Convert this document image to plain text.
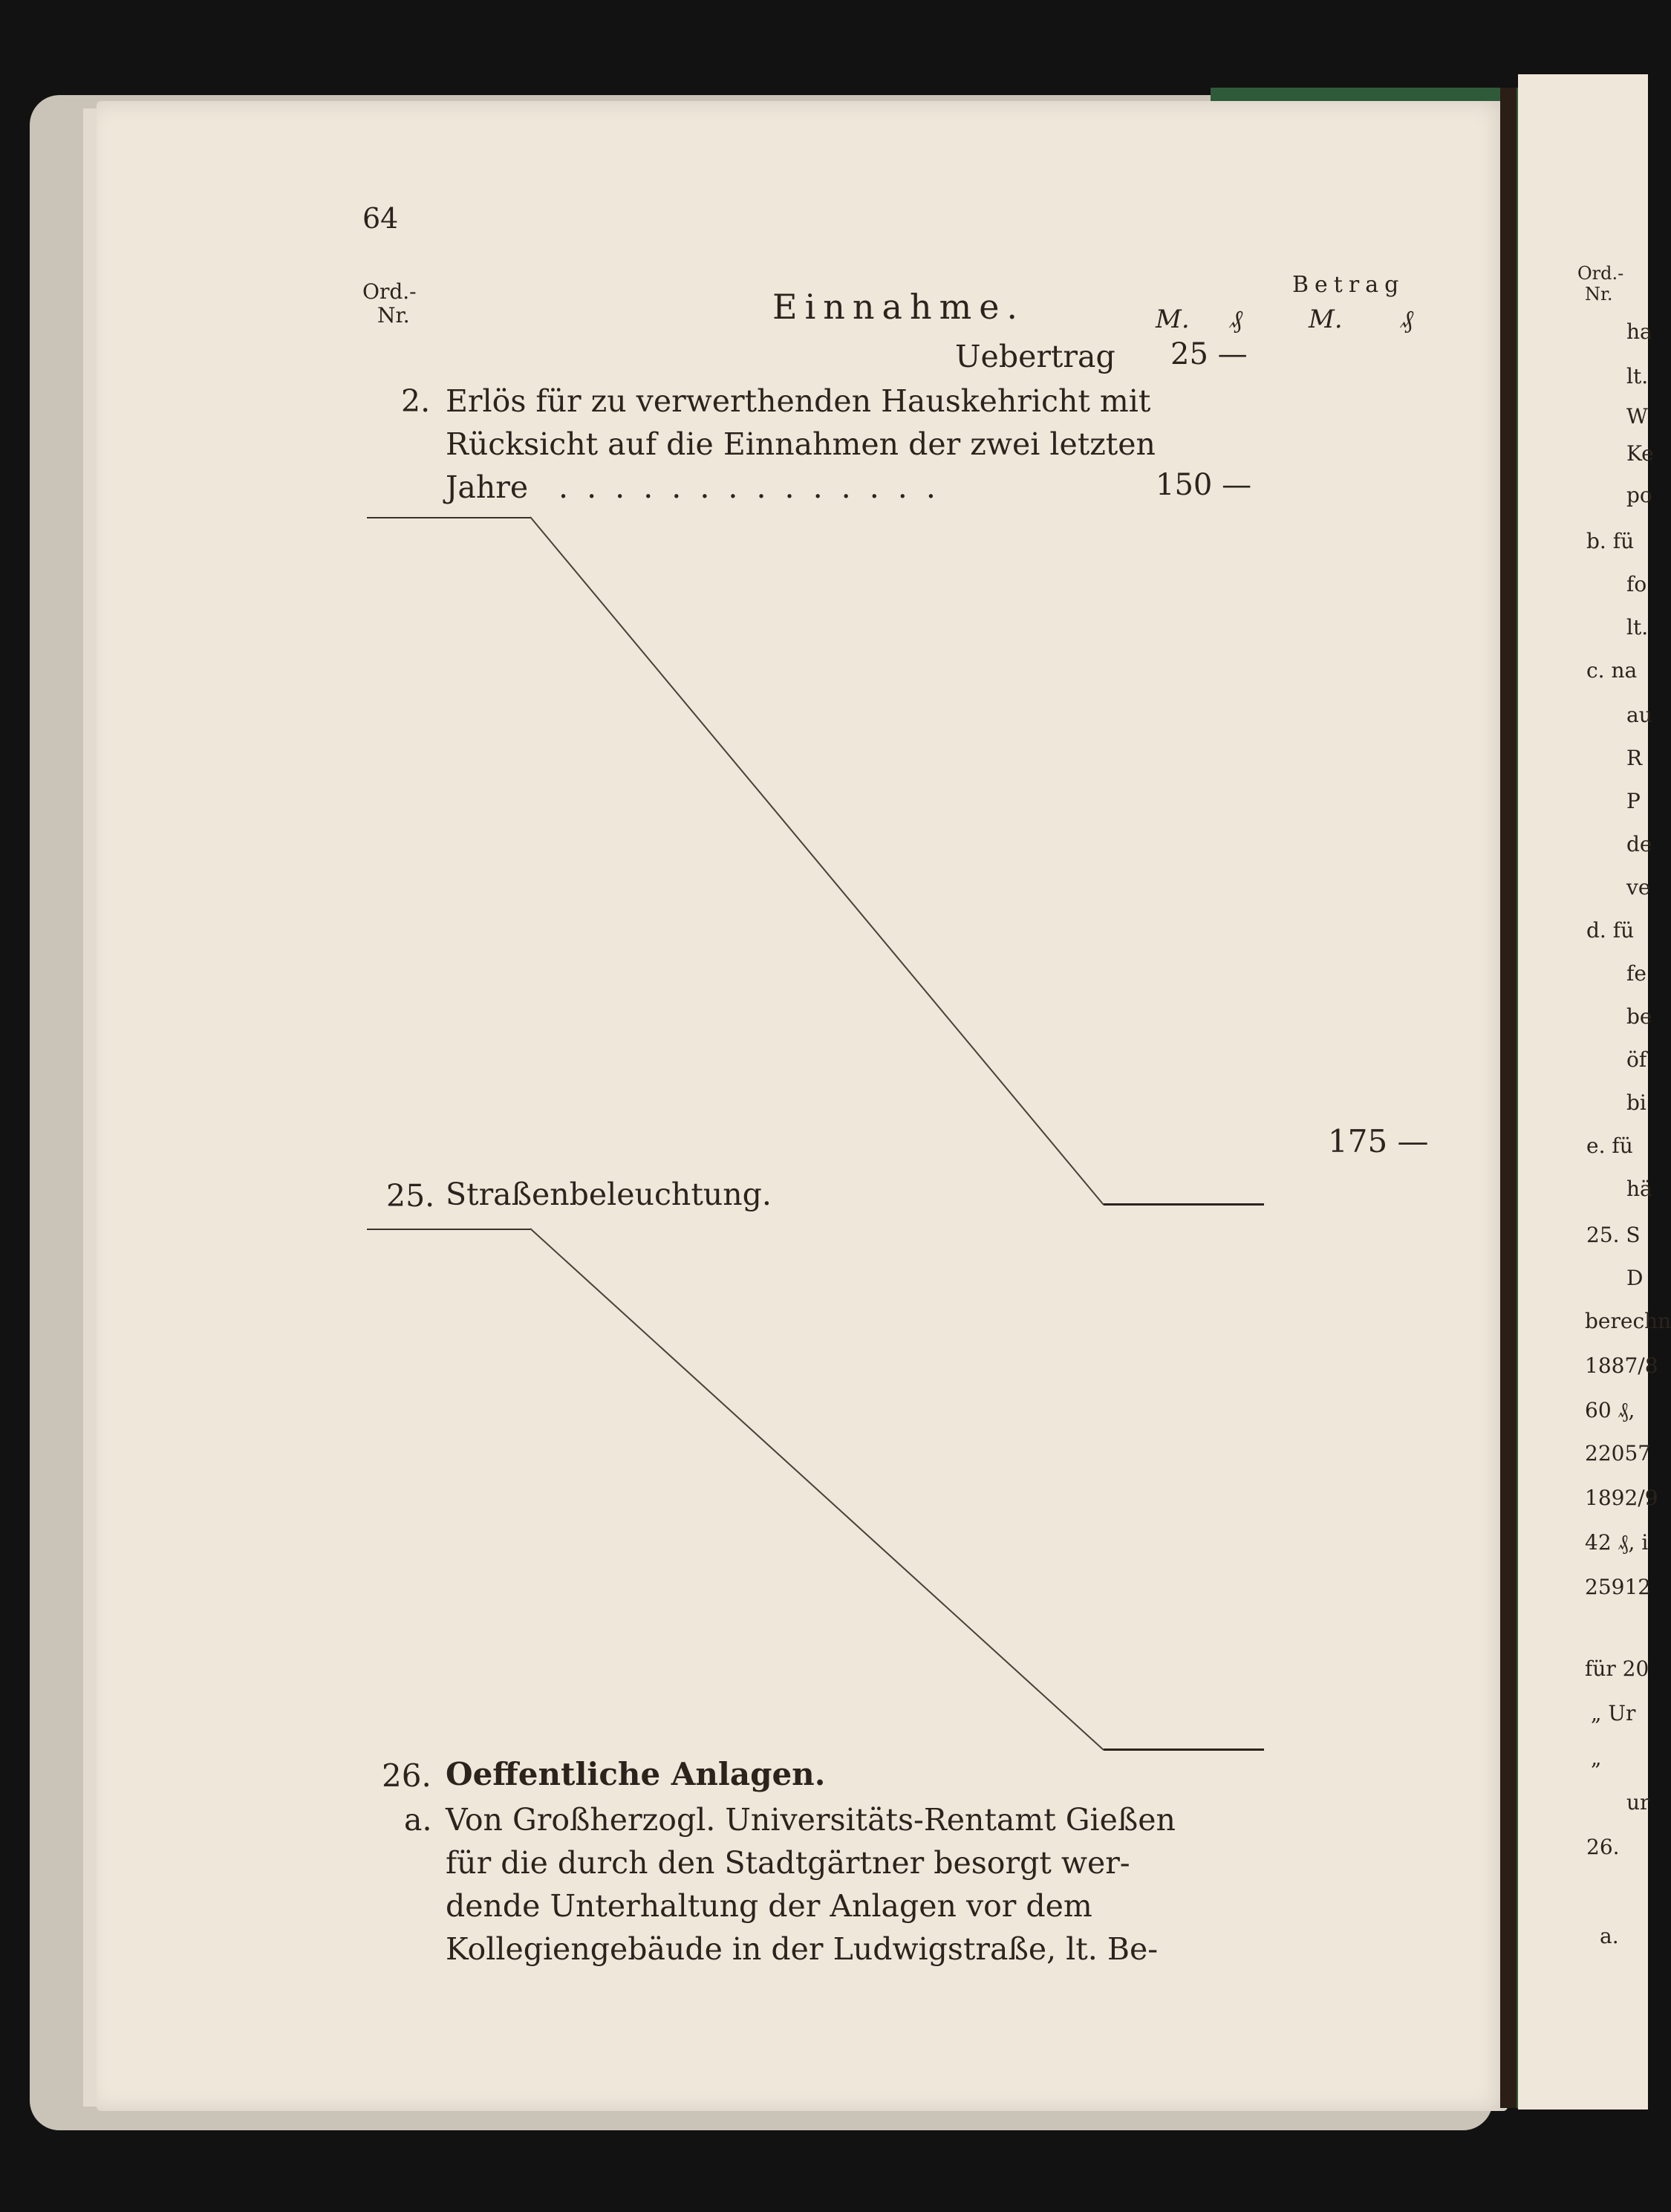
64
Ord.-
Nr.	Einnahme.
Betrag
M. ₰	M. ₰
Uebertrag 25 —
2. Erlös für zu verwerthenden Hauskehricht mit
Rücksicht auf die Einnahmen der zwei letzten
Jahre . . . . . . . . . . . . . .	150 —
175 —
25. Straßenbeleuchtung.
26. Oeffentliche Anlagen.
a. Von Großherzogl. Universitäts-Rentamt Gießen
für die durch den Stadtgärtner besorgt wer-
dende Unterhaltung der Anlagen vor dem
Kollegiengebäude in der Ludwigstraße, lt. Be-
Ord.-
Nr.
ha
lt.
W
Ke
po
b. fü
fo
lt.
c. na
au
R
P
de
ve
d. fü
fe
be
öf
bi
e. fü
hä
25. S
D
berechn
1887/8
60 ₰,
22057
1892/9
42 ₰, i
25912
für 20
„ Ur
„
ur
26.
a.
